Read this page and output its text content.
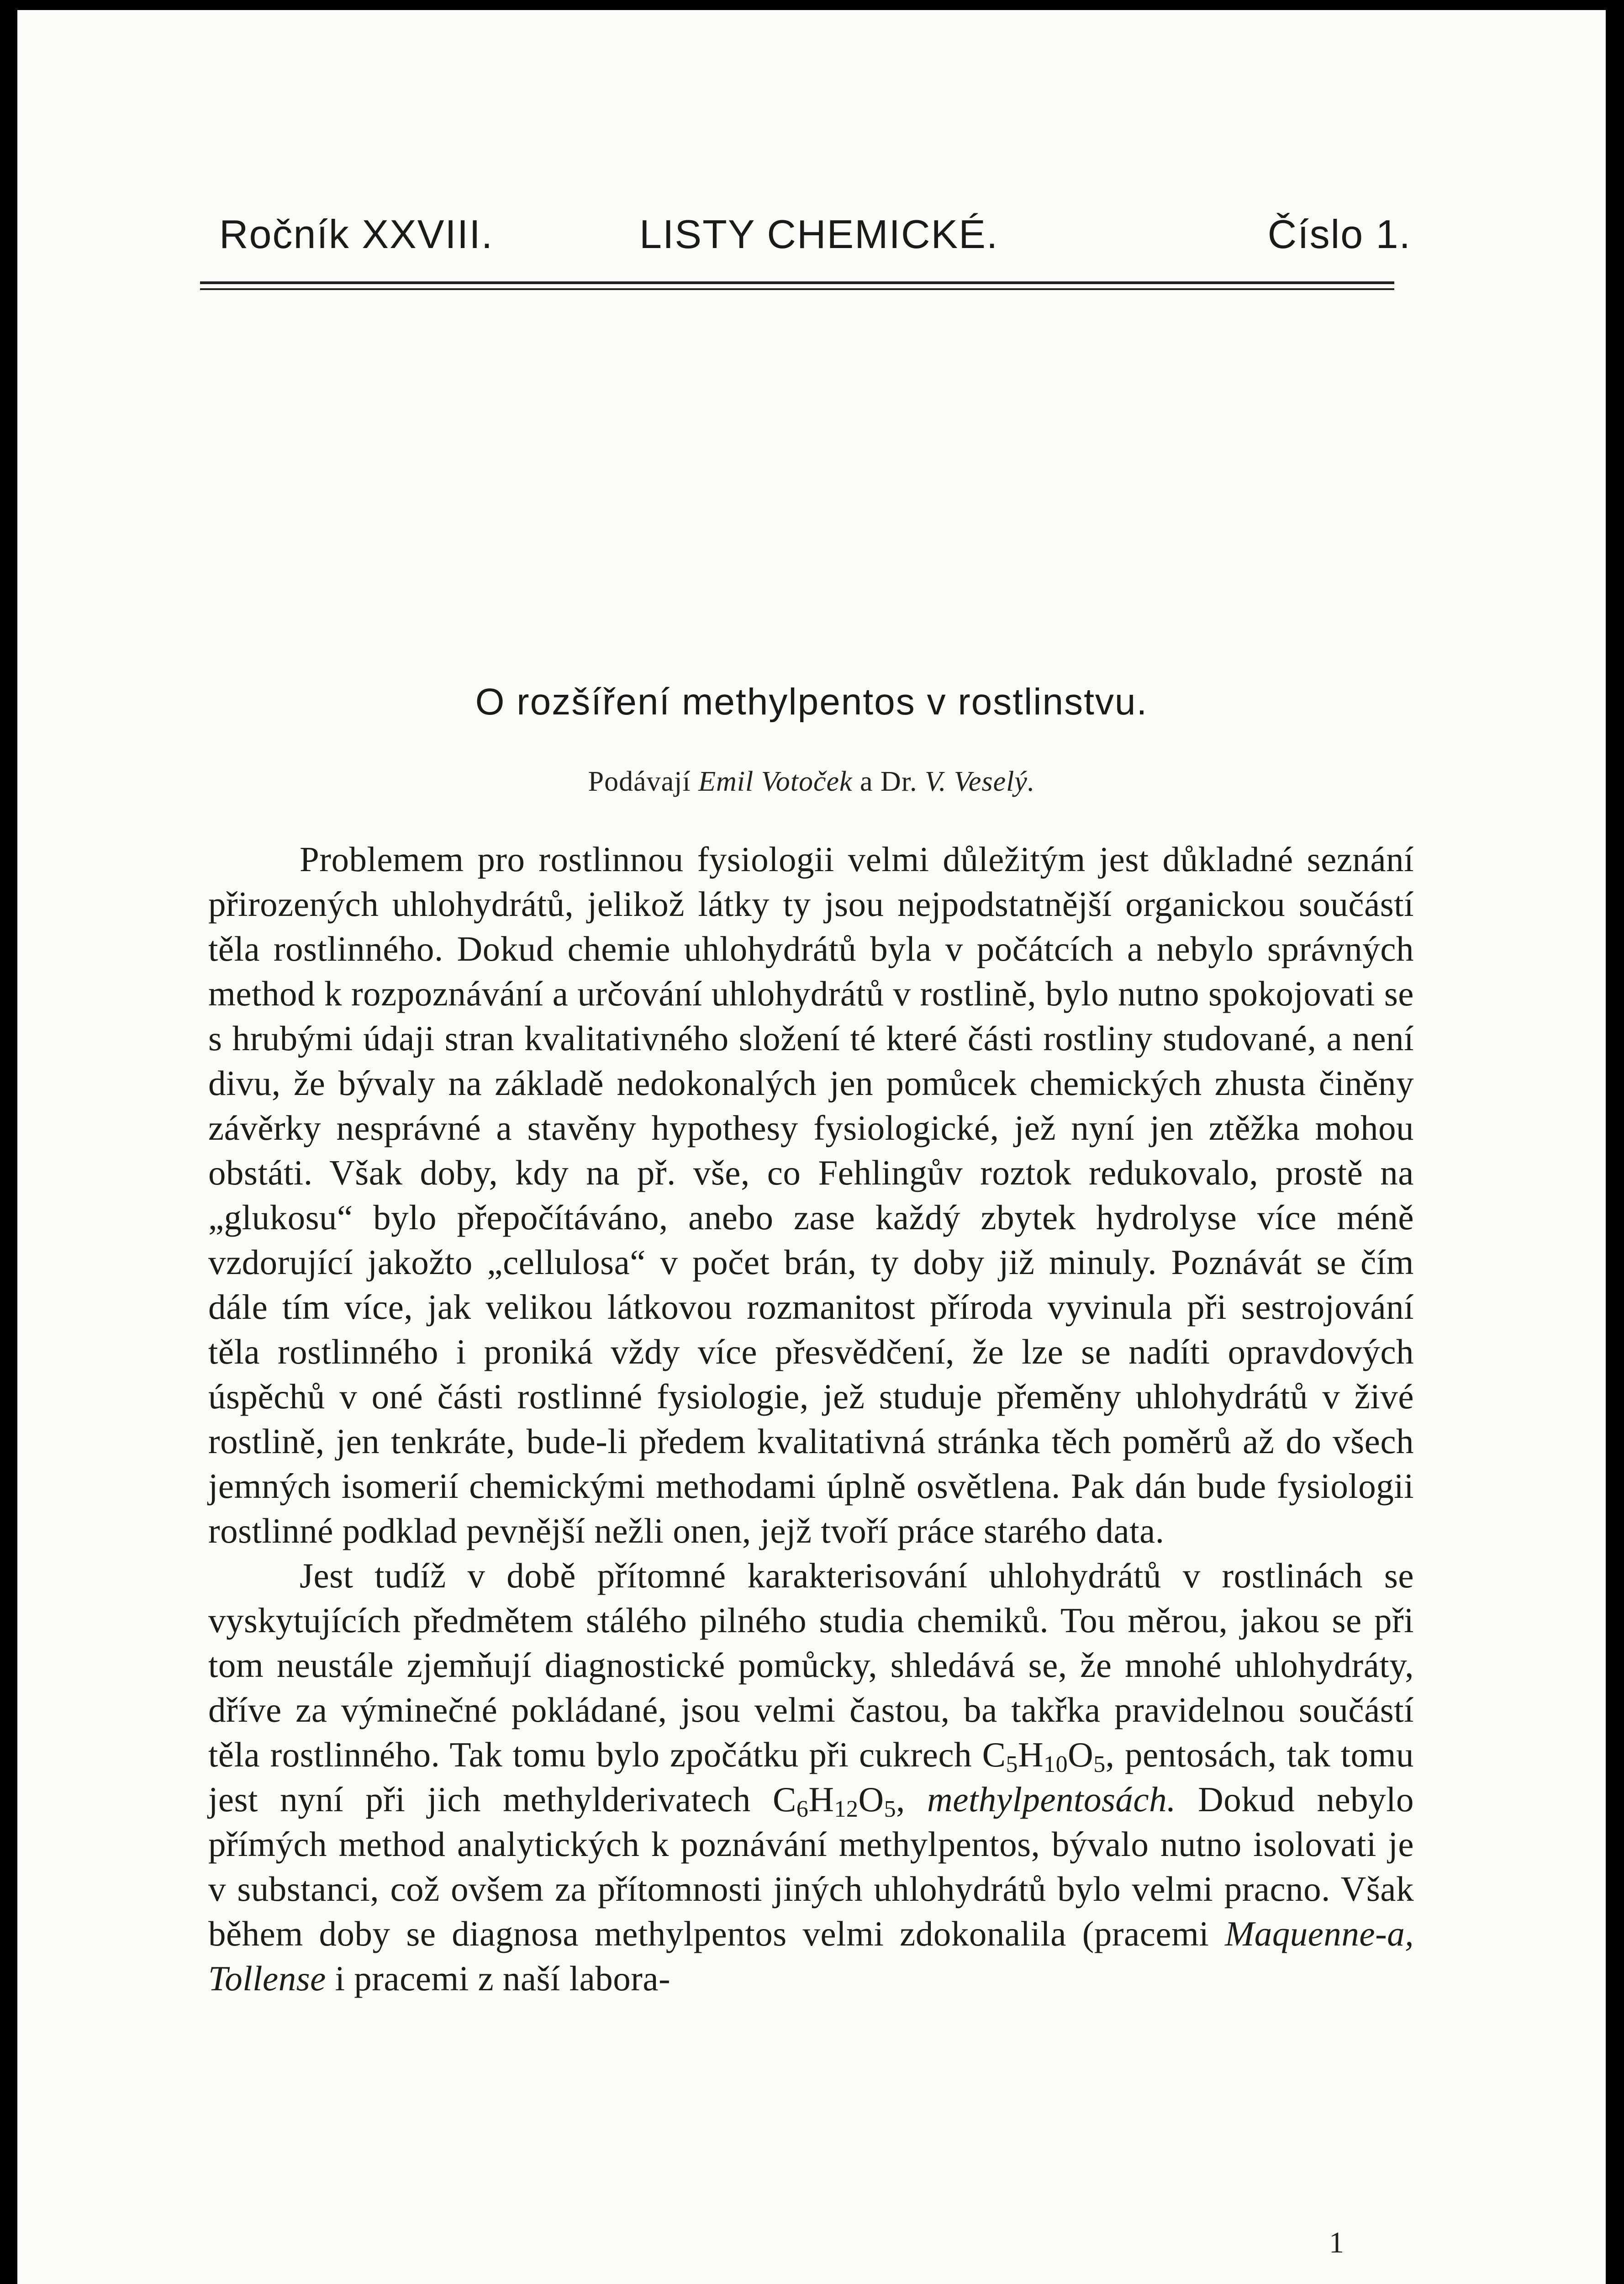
Ročník XXVIII.	LISTY CHEMICKÉ.	Číslo 1.
O rozšíření methylpentos v rostlinstvu.
Podávají Emil Votoček a Dr. V. Veselý.

Problemem pro rostlinnou fysiologii velmi důležitým jest důkladné seznání přirozených uhlohydrátů, jelikož látky ty jsou nejpodstatnější organickou součástí těla rostlinného. Dokud chemie uhlohydrátů byla v počátcích a nebylo správných method k rozpoznávání a určování uhlohydrátů v rostlině, bylo nutno spokojovati se s hrubými údaji stran kvalitativného složení té které části rostliny studované, a není divu, že bývaly na základě nedokonalých jen pomůcek chemických zhusta činěny závěrky nesprávné a stavěny hypothesy fysiologické, jež nyní jen ztěžka mohou obstáti. Však doby, kdy na př. vše, co Fehlingův roztok redukovalo, prostě na „glukosu“ bylo přepočítáváno, anebo zase každý zbytek hydrolyse více méně vzdorující jakožto „cellulosa“ v počet brán, ty doby již minuly. Poznávát se čím dále tím více, jak velikou látkovou rozmanitost příroda vyvinula při sestrojování těla rostlinného i proniká vždy více přesvědčení, že lze se nadíti opravdových úspěchů v oné části rostlinné fysiologie, jež studuje přeměny uhlohydrátů v živé rostlině, jen tenkráte, bude-li předem kvalitativná stránka těch poměrů až do všech jemných isomerií chemickými methodami úplně osvětlena. Pak dán bude fysiologii rostlinné podklad pevnější nežli onen, jejž tvoří práce starého data.

Jest tudíž v době přítomné karakterisování uhlohydrátů v rostlinách se vyskytujících předmětem stálého pilného studia chemiků. Tou měrou, jakou se při tom neustále zjemňují diagnostické pomůcky, shledává se, že mnohé uhlohydráty, dříve za výminečné pokládané, jsou velmi častou, ba takřka pravidelnou součástí těla rostlinného. Tak tomu bylo zpočátku při cukrech $C_5H_{10}O_5$, pentosách, tak tomu jest nyní při jich methylderivatech $C_6H_{12}O_5$, methylpentosách. Dokud nebylo přímých method analytických k poznávání methylpentos, bývalo nutno isolovati je v substanci, což ovšem za přítomnosti jiných uhlohydrátů bylo velmi pracno. Však během doby se diagnosa methylpentos velmi zdokonalila (pracemi Maquenne-a, Tollense i pracemi z naší labora-

1
